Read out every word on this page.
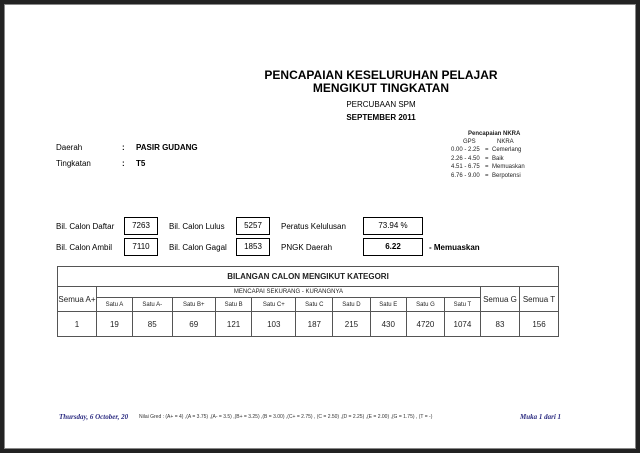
PENCAPAIAN KESELURUHAN PELAJAR
MENGIKUT TINGKATAN
PERCUBAAN SPM
SEPTEMBER 2011
Daerah	: PASIR GUDANG
Tingkatan	: T5
Pencapaian NKRA
GPS	NKRA
0.00 - 2.25 = Cemerlang
2.26 - 4.50 = Baik
4.51 - 6.75 = Memuaskan
6.76 - 9.00 = Berpotensi
Bil. Calon Daftar	7263
Bil. Calon Ambil	7110
Bil. Calon Lulus	5257
Bil. Calon Gagal	1853
Peratus Kelulusan	73.94 %
PNGK Daerah	6.22	- Memuaskan
BILANGAN CALON MENGIKUT KATEGORI												
Semua A+	MENCAPAI SEKURANG - KURANGNYA										Semua G	Semua T
	Satu A	Satu A-	Satu B+	Satu B	Satu C+	Satu C	Satu D	Satu E	Satu G	Satu T		
1	19	85	69	121	103	187	215	430	4720	1074	83	156
Thursday, 6 October, 20 Nilai Gred : (A+ = 4) ,(A = 3.75) ,(A- = 3.5) ,(B+ = 3.25) ,(B = 3.00) ,(C+ = 2.75) , (C = 2.50) ,(D = 2.25) ,(E = 2.00) ,(G = 1.75) , (T = -)	Muka 1 dari 1
